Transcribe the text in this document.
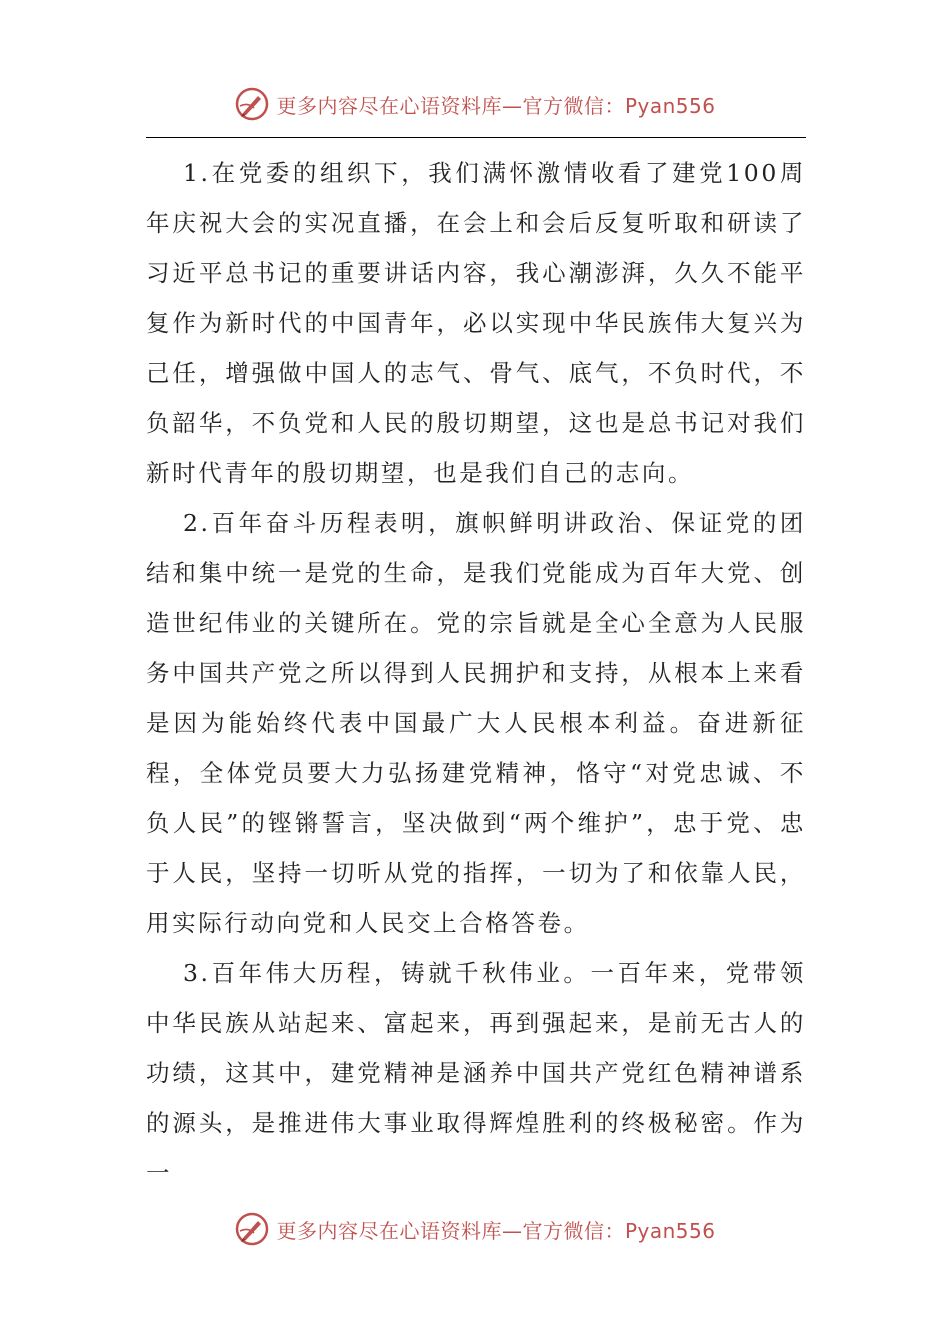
更多内容尽在心语资料库—官方微信：Pyan556

1.在党委的组织下，我们满怀激情收看了建党100周年庆祝大会的实况直播，在会上和会后反复听取和研读了习近平总书记的重要讲话内容，我心潮澎湃，久久不能平复作为新时代的中国青年，必以实现中华民族伟大复兴为己任，增强做中国人的志气、骨气、底气，不负时代，不负韶华，不负党和人民的殷切期望，这也是总书记对我们新时代青年的殷切期望，也是我们自己的志向。

2.百年奋斗历程表明，旗帜鲜明讲政治、保证党的团结和集中统一是党的生命，是我们党能成为百年大党、创造世纪伟业的关键所在。党的宗旨就是全心全意为人民服务中国共产党之所以得到人民拥护和支持，从根本上来看是因为能始终代表中国最广大人民根本利益。奋进新征程，全体党员要大力弘扬建党精神，恪守“对党忠诚、不负人民”的铿锵誓言，坚决做到“两个维护”，忠于党、忠于人民，坚持一切听从党的指挥，一切为了和依靠人民，用实际行动向党和人民交上合格答卷。

3.百年伟大历程，铸就千秋伟业。一百年来，党带领中华民族从站起来、富起来，再到强起来，是前无古人的功绩，这其中，建党精神是涵养中国共产党红色精神谱系的源头，是推进伟大事业取得辉煌胜利的终极秘密。作为一

更多内容尽在心语资料库—官方微信：Pyan556
